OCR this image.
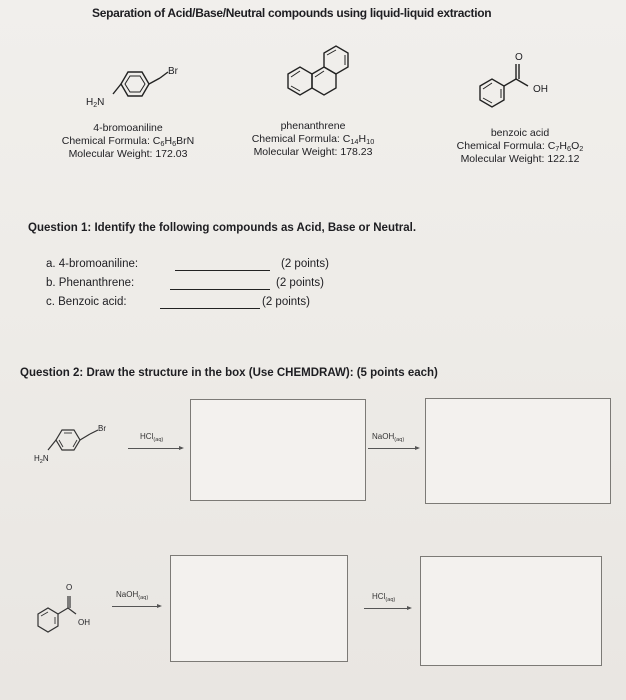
Separation of Acid/Base/Neutral compounds using liquid-liquid extraction
Br
$H_2N$
4-bromoaniline
Chemical Formula: $C_6H_6BrN$
Molecular Weight: 172.03
phenanthrene
Chemical Formula: $C_{14}H_{10}$
Molecular Weight: 178.23
O
OH
benzoic acid
Chemical Formula: $C_7H_6O_2$
Molecular Weight: 122.12
Question 1: Identify the following compounds as Acid, Base or Neutral.
a. 4-bromoaniline:	(2 points)
b. Phenanthrene:	(2 points)
c. Benzoic acid:	(2 points)
Question 2: Draw the structure in the box (Use CHEMDRAW): (5 points each)
Br
$H_2N$
HCl$_{(aq)}$	NaOH$_{(aq)}$
O
OH
NaOH$_{(aq)}$	HCl$_{(aq)}$
